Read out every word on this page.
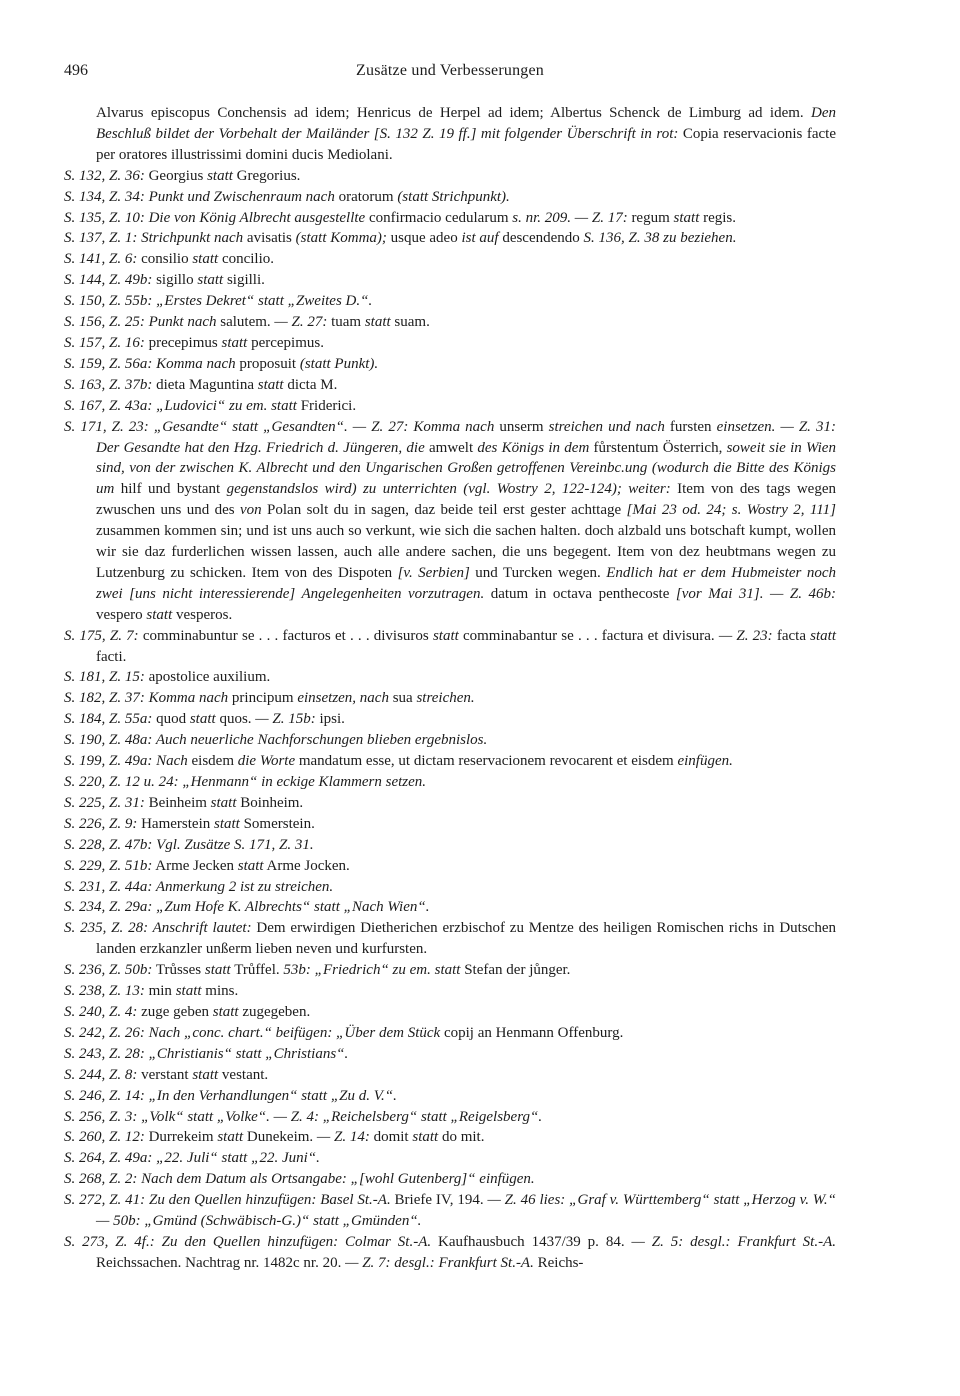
496	Zusätze und Verbesserungen
Alvarus episcopus Conchensis ad idem; Henricus de Herpel ad idem; Albertus Schenck de Limburg ad idem. Den Beschluß bildet der Vorbehalt der Mailänder [S. 132 Z. 19 ff.] mit folgender Überschrift in rot: Copia reservacionis facte per oratores illustrissimi domini ducis Mediolani.
S. 132, Z. 36: Georgius statt Gregorius.
S. 134, Z. 34: Punkt und Zwischenraum nach oratorum (statt Strichpunkt).
S. 135, Z. 10: Die von König Albrecht ausgestellte confirmacio cedularum s. nr. 209. — Z. 17: regum statt regis.
S. 137, Z. 1: Strichpunkt nach avisatis (statt Komma); usque adeo ist auf descendendo S. 136, Z. 38 zu beziehen.
S. 141, Z. 6: consilio statt concilio.
S. 144, Z. 49b: sigillo statt sigilli.
S. 150, Z. 55b: „Erstes Dekret“ statt „Zweites D.“.
S. 156, Z. 25: Punkt nach salutem. — Z. 27: tuam statt suam.
S. 157, Z. 16: precepimus statt percepimus.
S. 159, Z. 56a: Komma nach proposuit (statt Punkt).
S. 163, Z. 37b: dieta Maguntina statt dicta M.
S. 167, Z. 43a: „Ludovici“ zu em. statt Friderici.
S. 171, Z. 23: „Gesandte“ statt „Gesandten“. — Z. 27: Komma nach unserm streichen und nach fursten einsetzen. — Z. 31: Der Gesandte hat den Hzg. Friedrich d. Jüngeren, die amwelt des Königs in dem fůrstentum Österrich, soweit sie in Wien sind, von der zwischen K. Albrecht und den Ungarischen Großen getroffenen Vereinbc.ung (wodurch die Bitte des Königs um hilf und bystant gegenstandslos wird) zu unterrichten (vgl. Wostry 2, 122-124); weiter: Item von des tags wegen zwuschen uns und des von Polan solt du in sagen, daz beide teil erst gester achttage [Mai 23 od. 24; s. Wostry 2, 111] zusammen kommen sin; und ist uns auch so verkunt, wie sich die sachen halten. doch alzbald uns botschaft kumpt, wollen wir sie daz furderlichen wissen lassen, auch alle andere sachen, die uns begegent. Item von dez heubtmans wegen zu Lutzenburg zu schicken. Item von des Dispoten [v. Serbien] und Turcken wegen. Endlich hat er dem Hubmeister noch zwei [uns nicht interessierende] Angelegenheiten vorzutragen. datum in octava penthecoste [vor Mai 31]. — Z. 46b: vespero statt vesperos.
S. 175, Z. 7: comminabuntur se . . . facturos et . . . divisuros statt comminabantur se . . . factura et divisura. — Z. 23: facta statt facti.
S. 181, Z. 15: apostolice auxilium.
S. 182, Z. 37: Komma nach principum einsetzen, nach sua streichen.
S. 184, Z. 55a: quod statt quos. — Z. 15b: ipsi.
S. 190, Z. 48a: Auch neuerliche Nachforschungen blieben ergebnislos.
S. 199, Z. 49a: Nach eisdem die Worte mandatum esse, ut dictam reservacionem revocarent et eisdem einfügen.
S. 220, Z. 12 u. 24: „Henmann“ in eckige Klammern setzen.
S. 225, Z. 31: Beinheim statt Boinheim.
S. 226, Z. 9: Hamerstein statt Somerstein.
S. 228, Z. 47b: Vgl. Zusätze S. 171, Z. 31.
S. 229, Z. 51b: Arme Jecken statt Arme Jocken.
S. 231, Z. 44a: Anmerkung 2 ist zu streichen.
S. 234, Z. 29a: „Zum Hofe K. Albrechts“ statt „Nach Wien“.
S. 235, Z. 28: Anschrift lautet: Dem erwirdigen Dietherichen erzbischof zu Mentze des heiligen Romischen richs in Dutschen landen erzkanzler unßerm lieben neven und kurfursten.
S. 236, Z. 50b: Trůsses statt Trůffel. 53b: „Friedrich“ zu em. statt Stefan der jůnger.
S. 238, Z. 13: min statt mins.
S. 240, Z. 4: zuge geben statt zugegeben.
S. 242, Z. 26: Nach „conc. chart.“ beifügen: „Über dem Stück copij an Henmann Offenburg.
S. 243, Z. 28: „Christianis“ statt „Christians“.
S. 244, Z. 8: verstant statt vestant.
S. 246, Z. 14: „In den Verhandlungen“ statt „Zu d. V.“.
S. 256, Z. 3: „Volk“ statt „Volke“. — Z. 4: „Reichelsberg“ statt „Reigelsberg“.
S. 260, Z. 12: Durrekeim statt Dunekeim. — Z. 14: domit statt do mit.
S. 264, Z. 49a: „22. Juli“ statt „22. Juni“.
S. 268, Z. 2: Nach dem Datum als Ortsangabe: „[wohl Gutenberg]“ einfügen.
S. 272, Z. 41: Zu den Quellen hinzufügen: Basel St.-A. Briefe IV, 194. — Z. 46 lies: „Graf v. Württemberg“ statt „Herzog v. W.“ — 50b: „Gmünd (Schwäbisch-G.)“ statt „Gmünden“.
S. 273, Z. 4f.: Zu den Quellen hinzufügen: Colmar St.-A. Kaufhausbuch 1437/39 p. 84. — Z. 5: desgl.: Frankfurt St.-A. Reichssachen. Nachtrag nr. 1482c nr. 20. — Z. 7: desgl.: Frankfurt St.-A. Reichs-
